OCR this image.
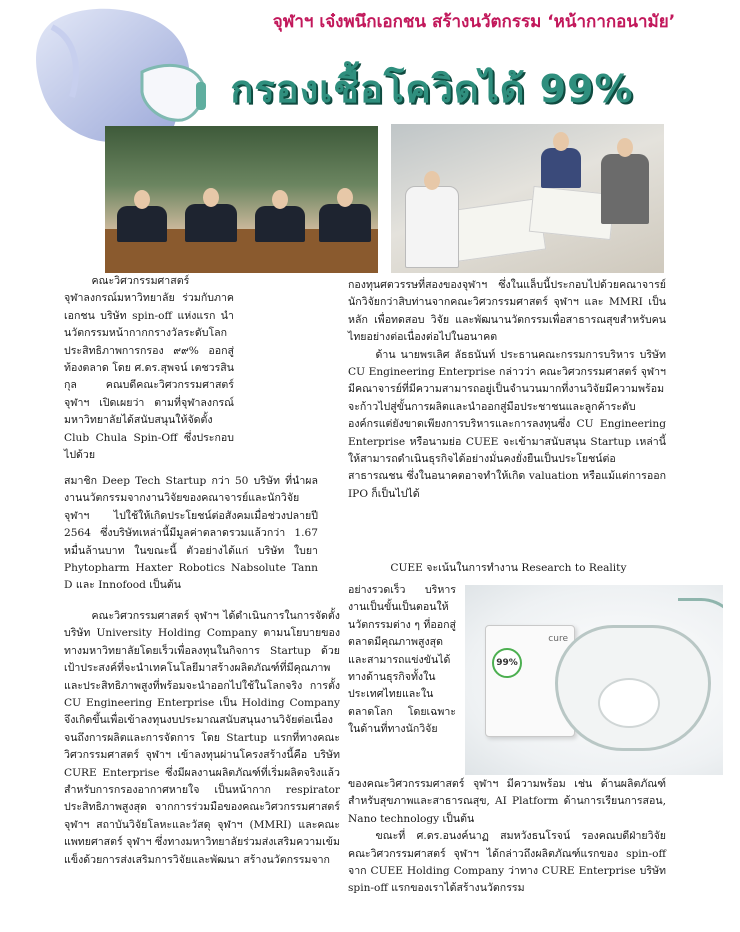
จุฬาฯ เจ๋งพนึกเอกชน สร้างนวัตกรรม ‘หน้ากากอนามัย’
กรองเชื้อโควิดได้ 99%

คณะวิศวกรรมศาสตร์ จุฬาลงกรณ์มหาวิทยาลัย ร่วมกับภาคเอกชน บริษัท spin-off แห่งแรก นำนวัตกรรมหน้ากากกรางวัลระดับโลกประสิทธิภาพการกรอง ๙๙% ออกสู่ท้องตลาด โดย ศ.ดร.สุพจน์ เตชวรสินกุล คณบดีคณะวิศวกรรมศาสตร์ จุฬาฯ เปิดเผยว่า ตามที่จุฬาลงกรณ์มหาวิทยาลัยได้สนับสนุนให้จัดตั้ง Club Chula Spin-Off ซึ่งประกอบไปด้วย

สมาชิก Deep Tech Startup กว่า 50 บริษัท ที่นำผลงานนวัตกรรมจากงานวิจัยของคณาจารย์และนักวิจัยจุฬาฯ ไปใช้ให้เกิดประโยชน์ต่อสังคมเมื่อช่วงปลายปี 2564 ซึ่งบริษัทเหล่านี้มีมูลค่าตลาดรวมแล้วกว่า 1.67 หมื่นล้านบาท ในขณะนี้ ตัวอย่างได้แก่ บริษัท ใบยา Phytopharm Haxter Robotics Nabsolute Tann D และ Innofood เป็นต้น

คณะวิศวกรรมศาสตร์ จุฬาฯ ได้ดำเนินการในการจัดตั้งบริษัท University Holding Company ตามนโยบายของทางมหาวิทยาลัยโดยเร็วเพื่อลงทุนในกิจการ Startup ด้วยเป้าประสงค์ที่จะนำเทคโนโลยีมาสร้างผลิตภัณฑ์ที่มีคุณภาพและประสิทธิภาพสูงที่พร้อมจะนำออกไปใช้ในโลกจริง การตั้ง CU Engineering Enterprise เป็น Holding Company จึงเกิดขึ้นเพื่อเข้าลงทุนงบประมาณสนับสนุนงานวิจัยต่อเนื่องจนถึงการผลิตและการจัดการ โดย Startup แรกที่ทางคณะวิศวกรรมศาสตร์ จุฬาฯ เข้าลงทุนผ่านโครงสร้างนี้คือ บริษัท CURE Enterprise ซึ่งมีผลงานผลิตภัณฑ์ที่เริ่มผลิตจริงแล้วสำหรับการกรองอากาศหายใจ เป็นหน้ากาก respirator ประสิทธิภาพสูงสุด จากการร่วมมือของคณะวิศวกรรมศาสตร์ จุฬาฯ สถาบันวิจัยโลหะและวัสดุ จุฬาฯ (MMRI) และคณะแพทยศาสตร์ จุฬาฯ ซึ่งทางมหาวิทยาลัยร่วมส่งเสริมความเข้มแข็งด้วยการส่งเสริมการวิจัยและพัฒนา สร้างนวัตกรรมจาก

กองทุนศตวรรษที่สองของจุฬาฯ ซึ่งในแล็บนี้ประกอบไปด้วยคณาจารย์นักวิจัยกว่าสิบท่านจากคณะวิศวกรรมศาสตร์ จุฬาฯ และ MMRI เป็นหลัก เพื่อทดสอบ วิจัย และพัฒนานวัตกรรมเพื่อสาธารณสุขสำหรับคนไทยอย่างต่อเนื่องต่อไปในอนาคต

ด้าน นายพรเลิศ ลัธธนันท์ ประธานคณะกรรมการบริหาร บริษัท CU Engineering Enterprise กล่าวว่า คณะวิศวกรรมศาสตร์ จุฬาฯ มีคณาจารย์ที่มีความสามารถอยู่เป็นจำนวนมากที่งานวิจัยมีความพร้อมจะก้าวไปสู่ขั้นการผลิตและนำออกสู่มือประชาชนและลูกค้าระดับองค์กรแต่ยังขาดเพียงการบริหารและการลงทุนซึ่ง CU Engineering Enterprise หรือนามย่อ CUEE จะเข้ามาสนับสนุน Startup เหล่านี้ให้สามารถดำเนินธุรกิจได้อย่างมั่นคงยั่งยืนเป็นประโยชน์ต่อสาธารณชน ซึ่งในอนาคตอาจทำให้เกิด valuation หรือแม้แต่การออก IPO ก็เป็นไปได้

CUEE จะเน้นในการทำงาน Research to Reality

อย่างรวดเร็ว บริหารงานเป็นขั้นเป็นตอนให้นวัตกรรมต่าง ๆ ที่ออกสู่ตลาดมีคุณภาพสูงสุดและสามารถแข่งขันได้ทางด้านธุรกิจทั้งในประเทศไทยและในตลาดโลก โดยเฉพาะในด้านที่ทางนักวิจัย

ของคณะวิศวกรรมศาสตร์ จุฬาฯ มีความพร้อม เช่น ด้านผลิตภัณฑ์สำหรับสุขภาพและสาธารณสุข, AI Platform ด้านการเรียนการสอน, Nano technology เป็นต้น

ขณะที่ ศ.ดร.อนงค์นาฏ สมหวังธนโรจน์ รองคณบดีฝ่ายวิจัย คณะวิศวกรรมศาสตร์ จุฬาฯ ได้กล่าวถึงผลิตภัณฑ์แรกของ spin-off จาก CUEE Holding Company ว่าทาง CURE Enterprise บริษัท spin-off แรกของเราได้สร้างนวัตกรรม

cure
99%
